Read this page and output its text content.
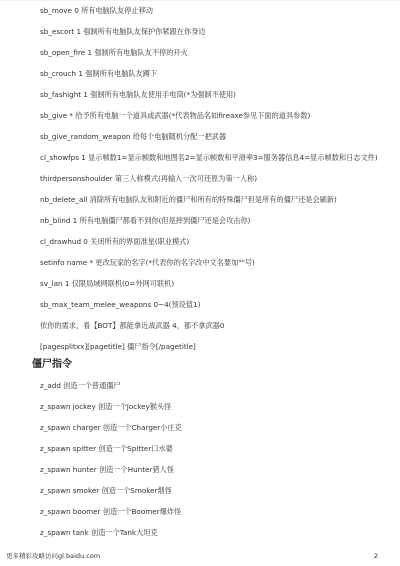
sb_move 0 所有电脑队友停止移动
sb_escort 1 强制所有电脑队友保护你紧跟在你身边
sb_open_fire 1 强制所有电脑队友不停的开火
sb_crouch 1 强制所有电脑队友蹲下
sb_fashight 1 强制所有电脑队友使用手电筒(*为强制不使用)
sb_give * 给予所有电脑一个道具或武器(*代表物品名如fireaxe参见下面的道具参数)
sb_give_random_weapon 给每个电脑随机分配一把武器
cl_showfps 1 显示帧数1=显示帧数和地图名2=显示帧数和平滑率3=服务器信息4=显示帧数和日志文件)
thirdpersonshoulder 第三人称模式(再输入一次可还原为第一人称)
nb_delete_all 消除所有电脑队友和附近的僵尸和所有的特殊僵尸但是所有的僵尸还是会刷新)
nb_blind 1 所有电脑僵尸都看不到你(但是摔到僵尸还是会攻击你)
cl_drawhud 0 关闭所有的界面准星(职业模式)
setinfo name * 更改玩家的名字(*代表你的名字改中文名要加""号)
sv_lan 1 仅限局域网联机(0=外网可联机)
sb_max_team_melee_weapons 0~4(预设值1)
依你的需求，看【BOT】都能拿近战武器 4，都不拿武器0
[pagesplitxx][pagetitle] 僵尸指令[/pagetitle]
僵尸指令
z_add 创造一个普通僵尸
z_spawn jockey 创造一个Jockey猴头怪
z_spawn charger 创造一个Charger小庄克
z_spawn spitter 创造一个Spitter口水婆
z_spawn hunter 创造一个Hunter猎人怪
z_spawn smoker 创造一个Smoker烟怪
z_spawn boomer 创造一个Boomer爆炸怪
z_spawn tank 创造一个Tank大坦克
更多精彩攻略访问gl.baidu.com	2
